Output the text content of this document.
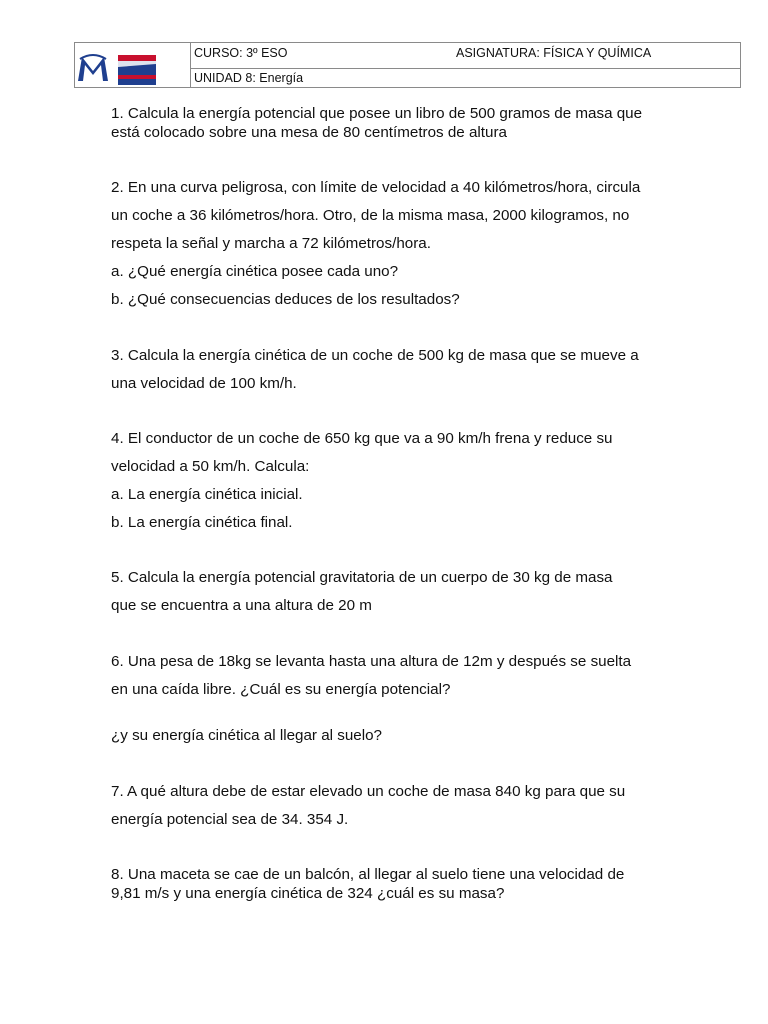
CURSO: 3º ESO	ASIGNATURA: FÍSICA Y QUÍMICA
UNIDAD 8: Energía

1. Calcula la energía potencial que posee un libro de 500 gramos de masa que

está colocado sobre una mesa de 80 centímetros de altura

2. En una curva peligrosa, con límite de velocidad a 40 kilómetros/hora, circula

un coche a 36 kilómetros/hora. Otro, de la misma masa, 2000 kilogramos, no

respeta la señal y marcha a 72 kilómetros/hora.

a. ¿Qué energía cinética posee cada uno?

b. ¿Qué consecuencias deduces de los resultados?

3. Calcula la energía cinética de un coche de 500 kg de masa que se mueve a

una velocidad de 100 km/h.

4. El conductor de un coche de 650 kg que va a 90 km/h frena y reduce su

velocidad a 50 km/h. Calcula:

a. La energía cinética inicial.

b. La energía cinética final.

5. Calcula la energía potencial gravitatoria de un cuerpo de 30 kg de masa

que se encuentra a una altura de 20 m

6. Una pesa de 18kg se levanta hasta una altura de 12m y después se suelta

en una caída libre. ¿Cuál es su energía potencial?

¿y su energía cinética al llegar al suelo?

7. A qué altura debe de estar elevado un coche de masa 840 kg para que su

energía potencial sea de 34. 354 J.

8. Una maceta se cae de un balcón, al llegar al suelo tiene una velocidad de

9,81 m/s y una energía cinética de 324 ¿cuál es su masa?
